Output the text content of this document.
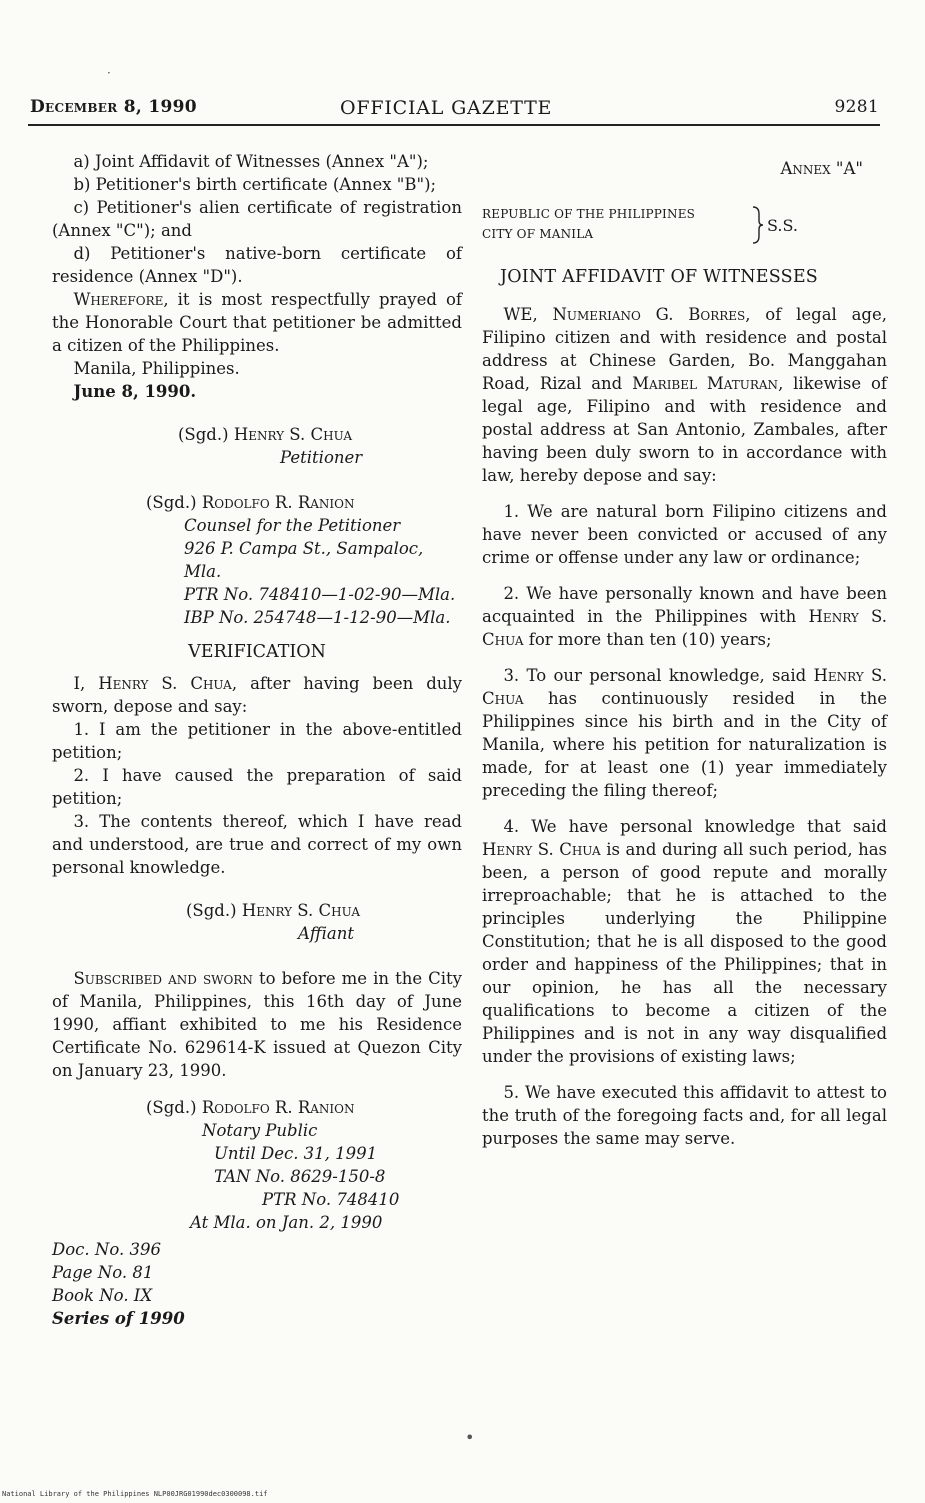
December 8, 1990	OFFICIAL GAZETTE	9281

a) Joint Affidavit of Witnesses (Annex "A");

b) Petitioner's birth certificate (Annex "B");

c) Petitioner's alien certificate of registration (Annex "C"); and

d) Petitioner's native-born certificate of residence (Annex "D").

Wherefore, it is most respectfully prayed of the Honorable Court that petitioner be admitted a citizen of the Philippines.

Manila, Philippines.

June 8, 1990.

(Sgd.) Henry S. Chua
Petitioner
(Sgd.) Rodolfo R. Ranion
Counsel for the Petitioner
926 P. Campa St., Sampaloc, Mla.
PTR No. 748410—1-02-90—Mla.
IBP No. 254748—1-12-90—Mla.

VERIFICATION

I, Henry S. Chua, after having been duly sworn, depose and say:

1. I am the petitioner in the above-entitled petition;

2. I have caused the preparation of said petition;

3. The contents thereof, which I have read and understood, are true and correct of my own personal knowledge.

(Sgd.) Henry S. Chua
Affiant

Subscribed and sworn to before me in the City of Manila, Philippines, this 16th day of June 1990, affiant exhibited to me his Residence Certificate No. 629614-K issued at Quezon City on January 23, 1990.

(Sgd.) Rodolfo R. Ranion
Notary Public
Until Dec. 31, 1991
TAN No. 8629-150-8
PTR No. 748410
At Mla. on Jan. 2, 1990
Doc. No. 396
Page No. 81
Book No. IX
Series of 1990
Annex "A"
REPUBLIC OF THE PHILIPPINES
CITY OF MANILA	S.S.
JOINT AFFIDAVIT OF WITNESSES

WE, Numeriano G. Borres, of legal age, Filipino citizen and with residence and postal address at Chinese Garden, Bo. Manggahan Road, Rizal and Maribel Maturan, likewise of legal age, Filipino and with residence and postal address at San Antonio, Zambales, after having been duly sworn to in accordance with law, hereby depose and say:

1. We are natural born Filipino citizens and have never been convicted or accused of any crime or offense under any law or ordinance;

2. We have personally known and have been acquainted in the Philippines with Henry S. Chua for more than ten (10) years;

3. To our personal knowledge, said Henry S. Chua has continuously resided in the Philippines since his birth and in the City of Manila, where his petition for naturalization is made, for at least one (1) year immediately preceding the filing thereof;

4. We have personal knowledge that said Henry S. Chua is and during all such period, has been, a person of good repute and morally irreproachable; that he is attached to the principles underlying the Philippine Constitution; that he is all disposed to the good order and happiness of the Philippines; that in our opinion, he has all the necessary qualifications to become a citizen of the Philippines and is not in any way disqualified under the provisions of existing laws;

5. We have executed this affidavit to attest to the truth of the foregoing facts and, for all legal purposes the same may serve.

·
•
National Library of the Philippines NLP00JRG01990dec0300098.tif
